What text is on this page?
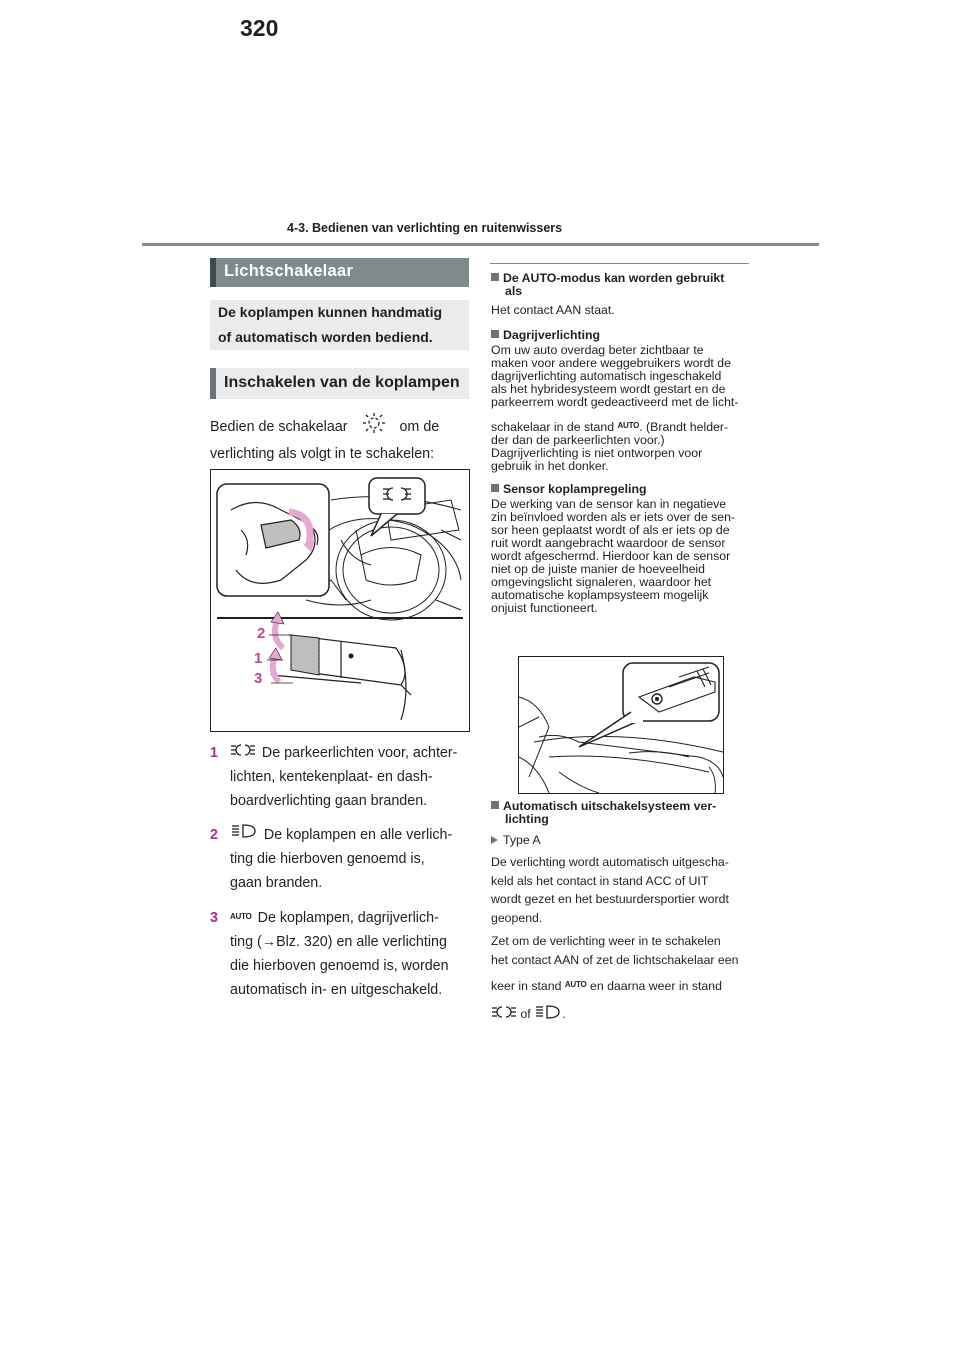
320
4-3. Bedienen van verlichting en ruitenwissers
Lichtschakelaar
De koplampen kunnen handmatig
of automatisch worden bediend.
Inschakelen van de koplampen
Bedien de schakelaar	om de
verlichting als volgt in te schakelen:
2
1
3
1	De parkeerlichten voor, achter-
lichten, kentekenplaat- en dash-
boardverlichting gaan branden.
2	De koplampen en alle verlich-
ting die hierboven genoemd is,
gaan branden.
3 $^{AUTO}$ De koplampen, dagrijverlich-
ting (→Blz. 320) en alle verlichting
die hierboven genoemd is, worden
automatisch in- en uitgeschakeld.
De AUTO-modus kan worden gebruikt
als
Het contact AAN staat.
Dagrijverlichting
Om uw auto overdag beter zichtbaar te
maken voor andere weggebruikers wordt de
dagrijverlichting automatisch ingeschakeld
als het hybridesysteem wordt gestart en de
parkeerrem wordt gedeactiveerd met de licht-
schakelaar in de stand $^{AUTO}$. (Brandt helder-
der dan de parkeerlichten voor.)
Dagrijverlichting is niet ontworpen voor
gebruik in het donker.
Sensor koplampregeling
De werking van de sensor kan in negatieve
zin beïnvloed worden als er iets over de sen-
sor heen geplaatst wordt of als er iets op de
ruit wordt aangebracht waardoor de sensor
wordt afgeschermd. Hierdoor kan de sensor
niet op de juiste manier de hoeveelheid
omgevingslicht signaleren, waardoor het
automatische koplampsysteem mogelijk
onjuist functioneert.
Automatisch uitschakelsysteem ver-
lichting
Type A
De verlichting wordt automatisch uitgescha-
keld als het contact in stand ACC of UIT
wordt gezet en het bestuurdersportier wordt
geopend.
Zet om de verlichting weer in te schakelen
het contact AAN of zet de lichtschakelaar een
keer in stand $^{AUTO}$ en daarna weer in stand
of	.
